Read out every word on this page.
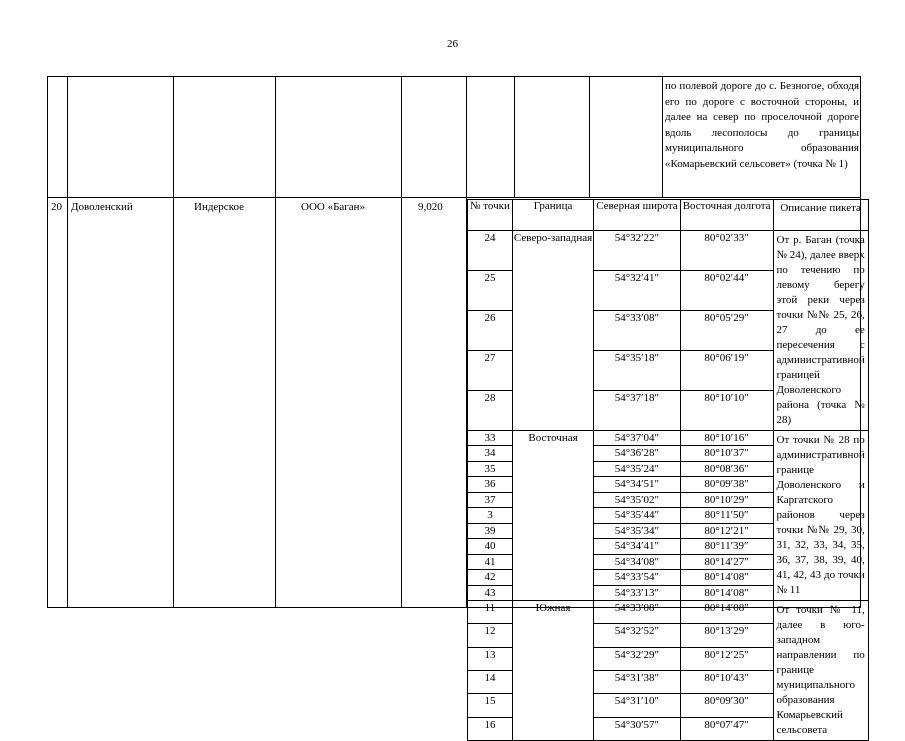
26
по полевой дороге до с. Безногое, обходя его по дороге с восточной стороны, и далее на север по проселочной дороге вдоль лесополосы до границы муниципального образования «Комарьевский сельсовет» (точка № 1)
20 Доволенский	Индерское	ООО «Баган»	9,020 № точки	Граница	Северная широта	Восточная долгота	Описание пикета
24	Северо-западная	54°32′22″	80°02′33″	От р. Баган (точка № 24), далее вверх по течению по левому берегу этой реки через точки №№ 25, 26, 27 до ее пересечения с административной границей Доволенского района (точка № 28)
25		54°32′41″	80°02′44″	
26		54°33′08″	80°05′29″	
27		54°35′18″	80°06′19″	
28		54°37′18″	80°10′10″	
33	Восточная	54°37′04″	80°10′16″	От точки № 28 по административной границе Доволенского и Каргатского районов через точки №№ 29, 30, 31, 32, 33, 34, 35, 36, 37, 38, 39, 40, 41, 42, 43 до точки № 11
34		54°36′28″	80°10′37″	
35		54°35′24″	80°08′36″	
36		54°34′51″	80°09′38″	
37		54°35′02″	80°10′29″	
3		54°35′44″	80°11′50″	
39		54°35′34″	80°12′21″	
40		54°34′41″	80°11′39″	
41		54°34′08″	80°14′27″	
42		54°33′54″	80°14′08″	
43		54°33′13″	80°14′08″	
11	Южная	54°33′08″	80°14′08″	От точки № 11, далее в юго-западном направлении по границе муниципального образования Комарьевский сельсовета
12		54°32′52″	80°13′29″	
13		54°32′29″	80°12′25″	
14		54°31′38″	80°10′43″	
15		54°31′10″	80°09′30″	
16		54°30′57″	80°07′47″	
